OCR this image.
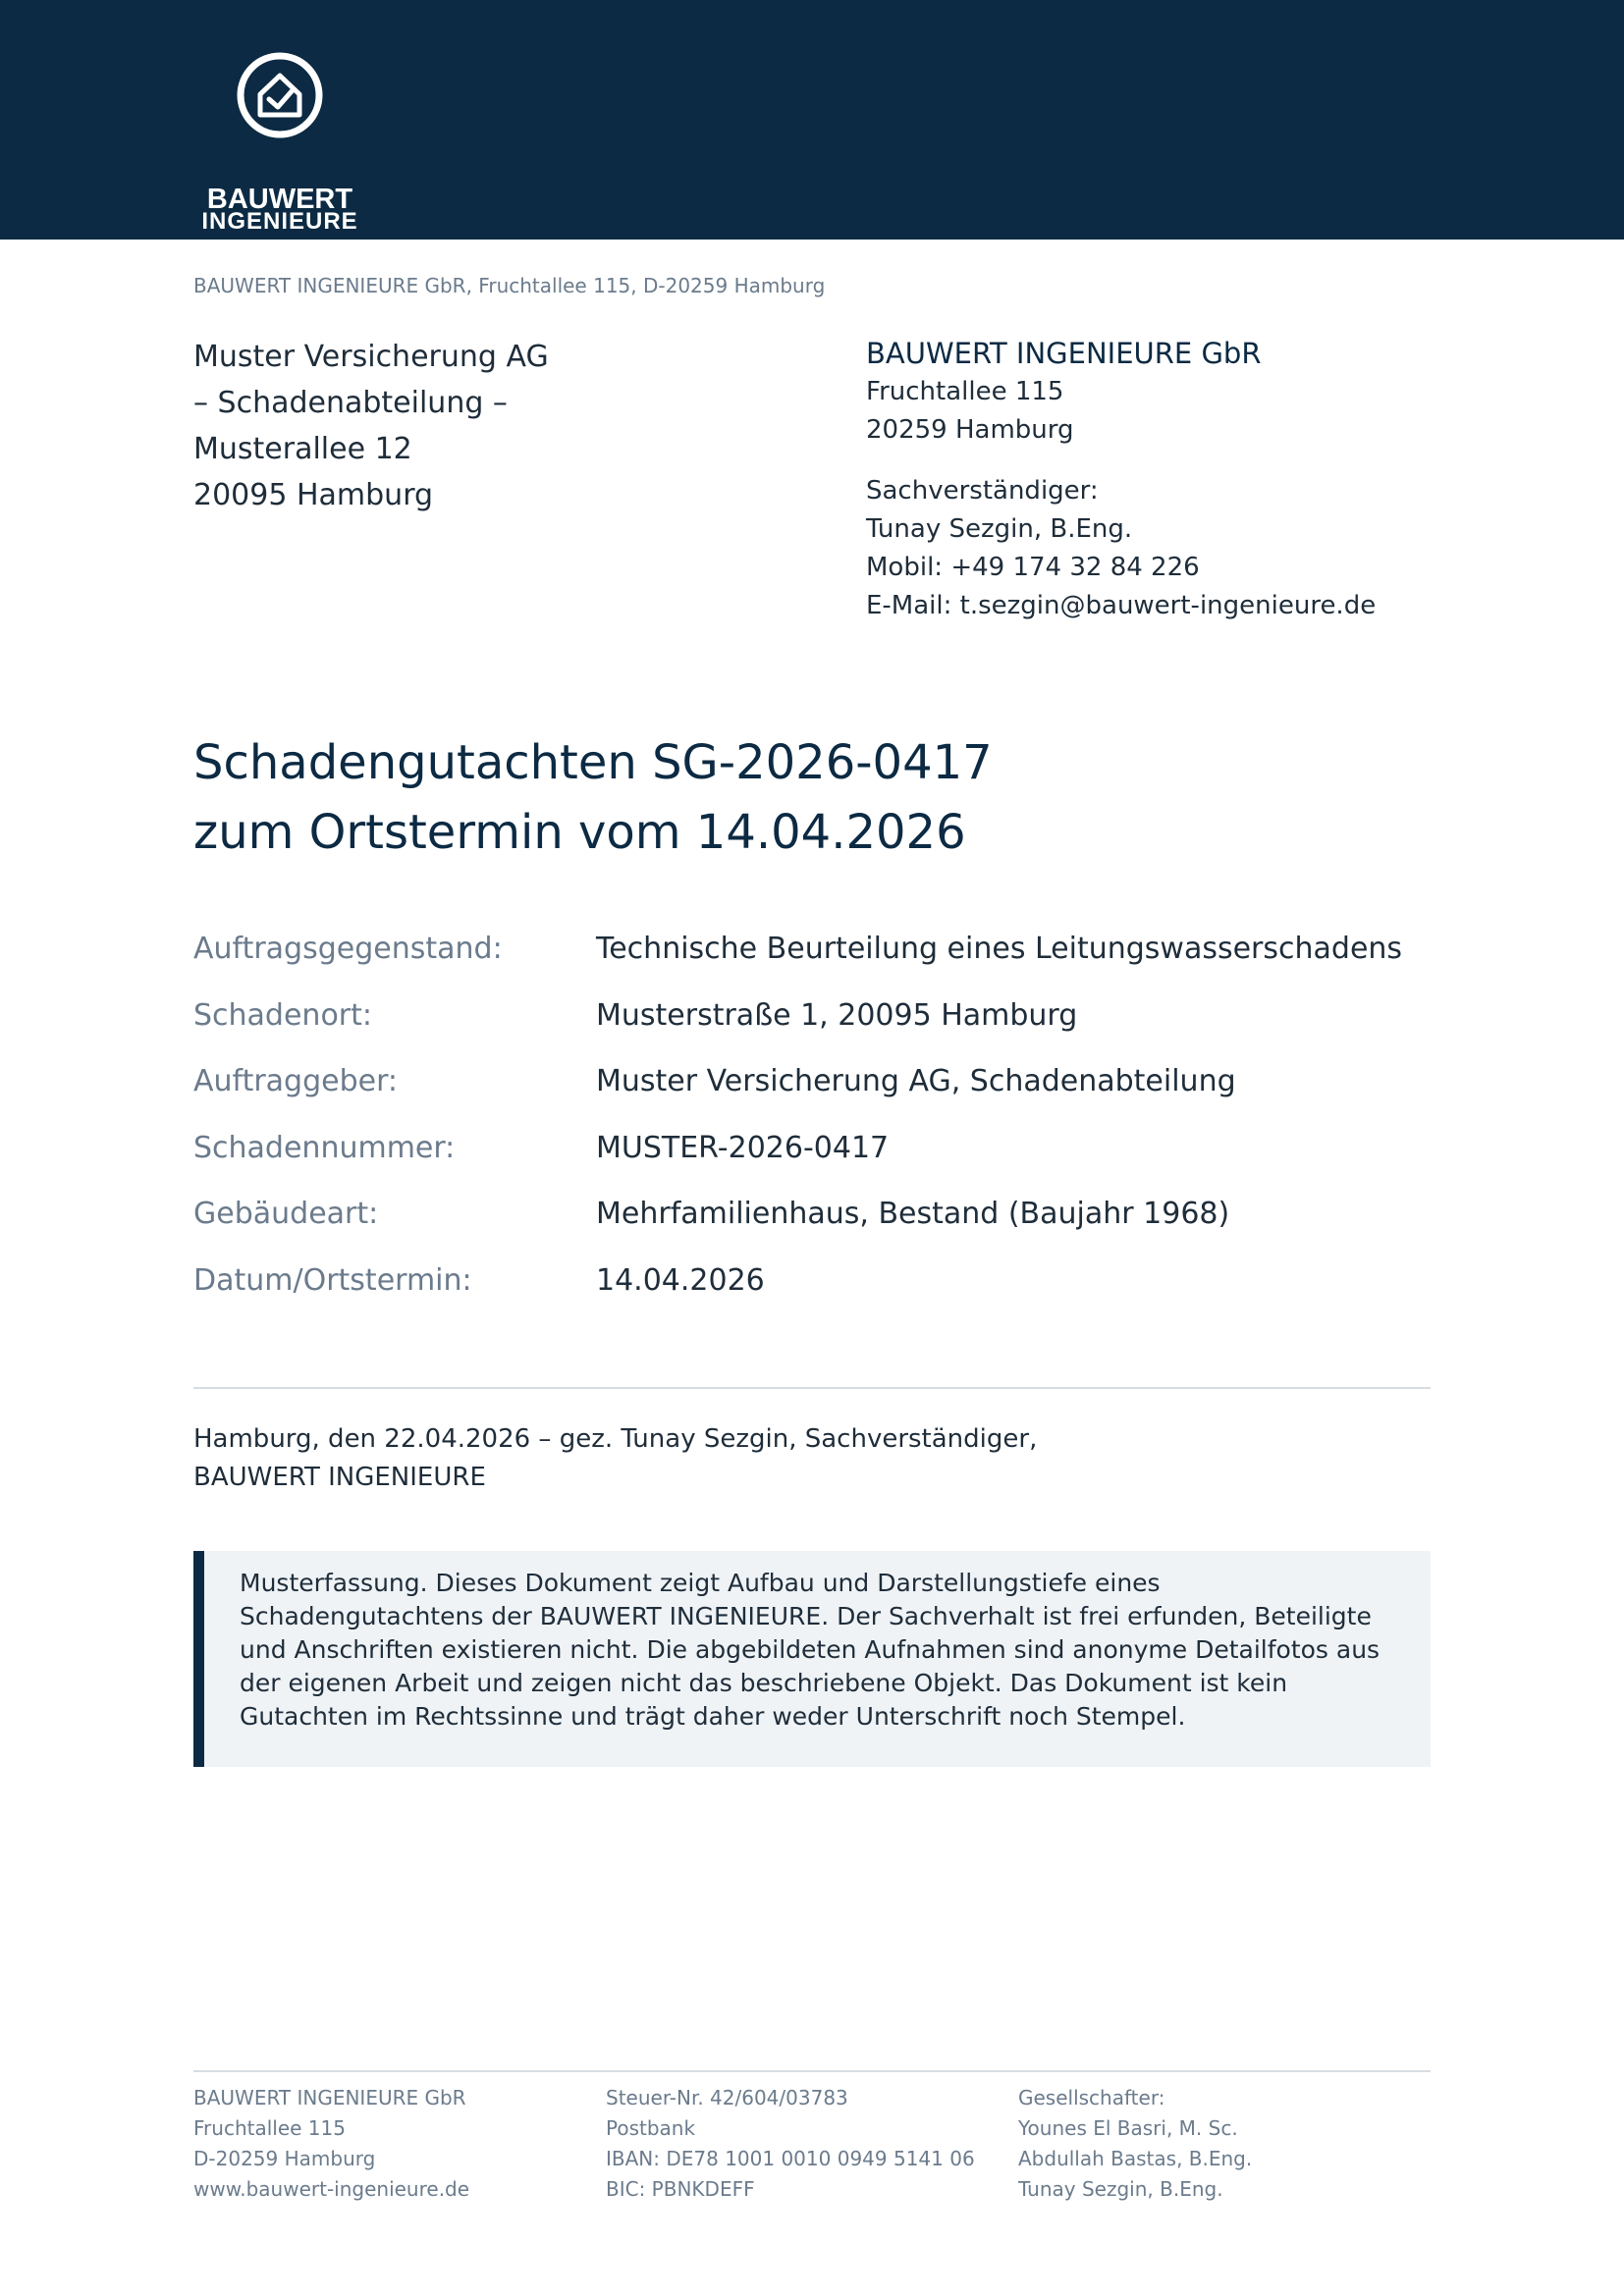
BAUWERT
INGENIEURE
BAUWERT INGENIEURE GbR, Fruchtallee 115, D-20259 Hamburg
Muster Versicherung AG
– Schadenabteilung –
Musterallee 12
20095 Hamburg
BAUWERT INGENIEURE GbR
Fruchtallee 115
20259 Hamburg
Sachverständiger:
Tunay Sezgin, B.Eng.
Mobil: +49 174 32 84 226
E-Mail: t.sezgin@bauwert-ingenieure.de
Schadengutachten SG-2026-0417
zum Ortstermin vom 14.04.2026
Auftragsgegenstand:	Technische Beurteilung eines Leitungswasserschadens
Schadenort:	Musterstraße 1, 20095 Hamburg
Auftraggeber:	Muster Versicherung AG, Schadenabteilung
Schadennummer:	MUSTER-2026-0417
Gebäudeart:	Mehrfamilienhaus, Bestand (Baujahr 1968)
Datum/Ortstermin:	14.04.2026
Hamburg, den 22.04.2026 – gez. Tunay Sezgin, Sachverständiger,
BAUWERT INGENIEURE
Musterfassung. Dieses Dokument zeigt Aufbau und Darstellungstiefe eines
Schadengutachtens der BAUWERT INGENIEURE. Der Sachverhalt ist frei erfunden, Beteiligte
und Anschriften existieren nicht. Die abgebildeten Aufnahmen sind anonyme Detailfotos aus
der eigenen Arbeit und zeigen nicht das beschriebene Objekt. Das Dokument ist kein
Gutachten im Rechtssinne und trägt daher weder Unterschrift noch Stempel.
BAUWERT INGENIEURE GbR
Fruchtallee 115
D-20259 Hamburg
www.bauwert-ingenieure.de
Steuer-Nr. 42/604/03783
Postbank
IBAN: DE78 1001 0010 0949 5141 06
BIC: PBNKDEFF
Gesellschafter:
Younes El Basri, M. Sc.
Abdullah Bastas, B.Eng.
Tunay Sezgin, B.Eng.
